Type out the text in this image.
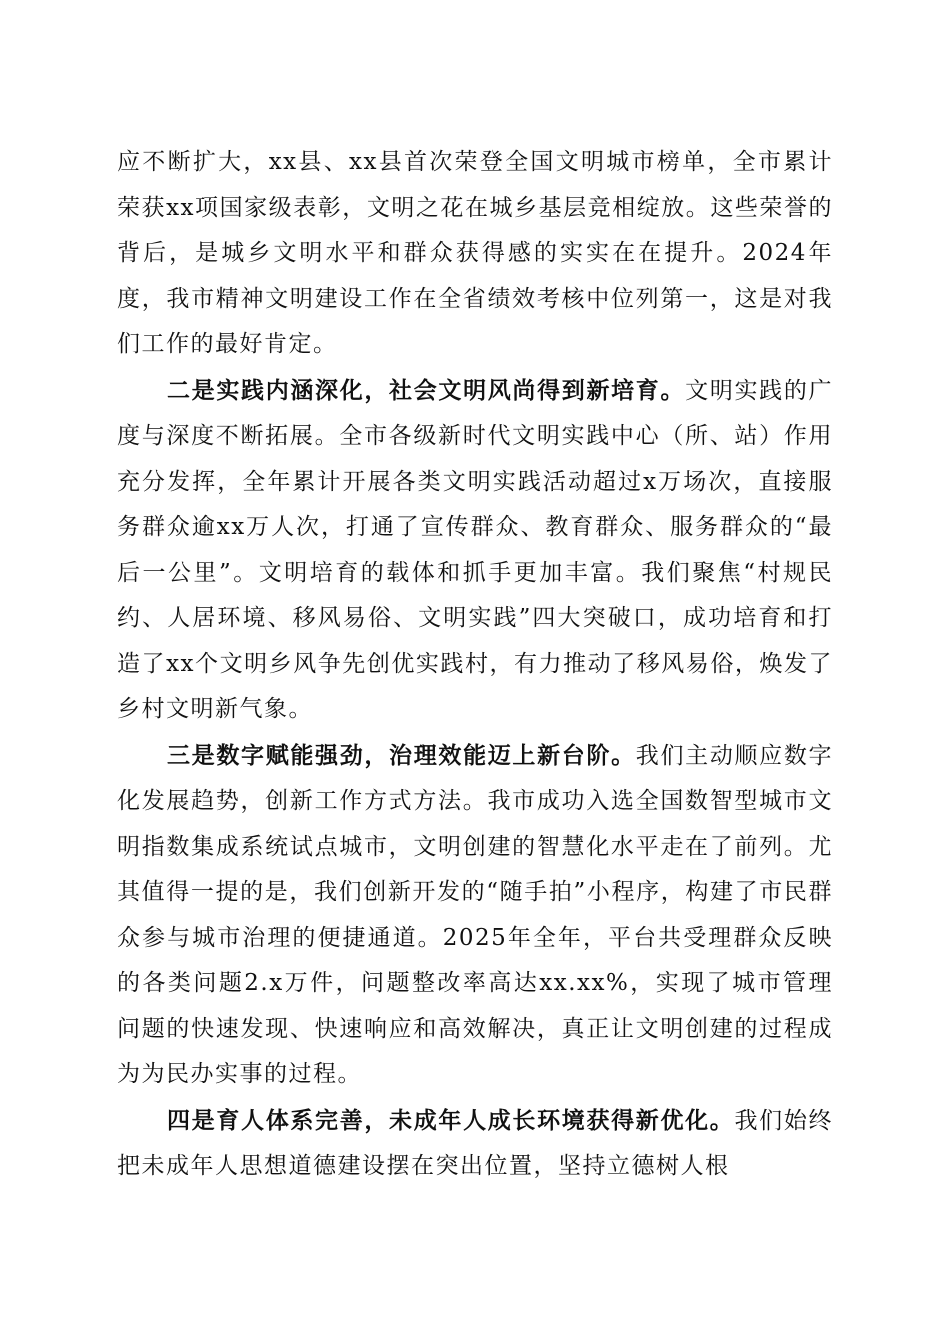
应不断扩大，xx县、xx县首次荣登全国文明城市榜单，全市累计荣获xx项国家级表彰，文明之花在城乡基层竞相绽放。这些荣誉的背后，是城乡文明水平和群众获得感的实实在在提升。2024年度，我市精神文明建设工作在全省绩效考核中位列第一，这是对我们工作的最好肯定。

二是实践内涵深化，社会文明风尚得到新培育。文明实践的广度与深度不断拓展。全市各级新时代文明实践中心（所、站）作用充分发挥，全年累计开展各类文明实践活动超过x万场次，直接服务群众逾xx万人次，打通了宣传群众、教育群众、服务群众的“最后一公里”。文明培育的载体和抓手更加丰富。我们聚焦“村规民约、人居环境、移风易俗、文明实践”四大突破口，成功培育和打造了xx个文明乡风争先创优实践村，有力推动了移风易俗，焕发了乡村文明新气象。

三是数字赋能强劲，治理效能迈上新台阶。我们主动顺应数字化发展趋势，创新工作方式方法。我市成功入选全国数智型城市文明指数集成系统试点城市，文明创建的智慧化水平走在了前列。尤其值得一提的是，我们创新开发的“随手拍”小程序，构建了市民群众参与城市治理的便捷通道。2025年全年，平台共受理群众反映的各类问题2.x万件，问题整改率高达xx.xx%，实现了城市管理问题的快速发现、快速响应和高效解决，真正让文明创建的过程成为为民办实事的过程。

四是育人体系完善，未成年人成长环境获得新优化。我们始终把未成年人思想道德建设摆在突出位置，坚持立德树人根
